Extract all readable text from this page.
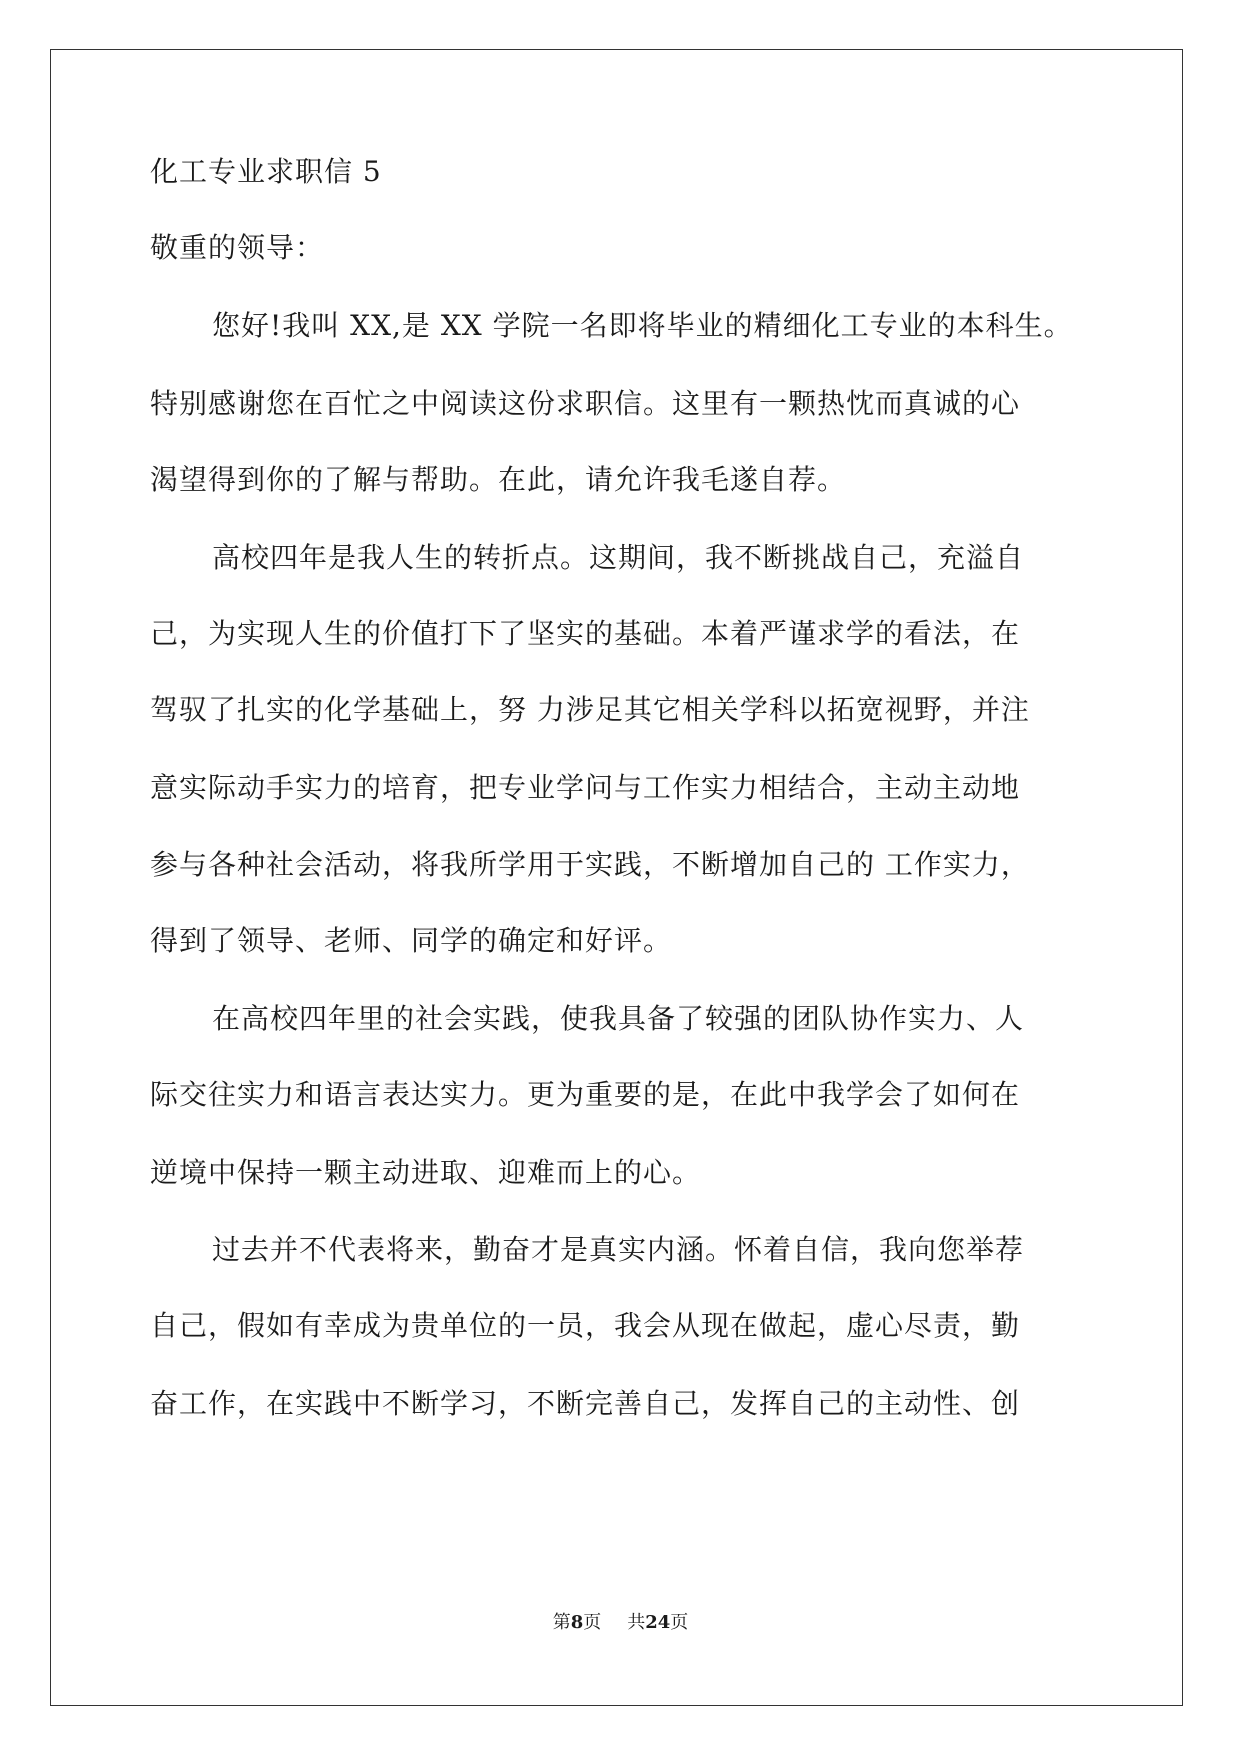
化工专业求职信 5
敬重的领导：
您好!我叫 XX,是 XX 学院一名即将毕业的精细化工专业的本科生。
特别感谢您在百忙之中阅读这份求职信。这里有一颗热忱而真诚的心
渴望得到你的了解与帮助。在此，请允许我毛遂自荐。
高校四年是我人生的转折点。这期间，我不断挑战自己，充溢自
己，为实现人生的价值打下了坚实的基础。本着严谨求学的看法，在
驾驭了扎实的化学基础上，努 力涉足其它相关学科以拓宽视野，并注
意实际动手实力的培育，把专业学问与工作实力相结合，主动主动地
参与各种社会活动，将我所学用于实践，不断增加自己的 工作实力，
得到了领导、老师、同学的确定和好评。
在高校四年里的社会实践，使我具备了较强的团队协作实力、人
际交往实力和语言表达实力。更为重要的是，在此中我学会了如何在
逆境中保持一颗主动进取、迎难而上的心。
过去并不代表将来，勤奋才是真实内涵。怀着自信，我向您举荐
自己，假如有幸成为贵单位的一员，我会从现在做起，虚心尽责，勤
奋工作，在实践中不断学习，不断完善自己，发挥自己的主动性、创
第8页 共24页
